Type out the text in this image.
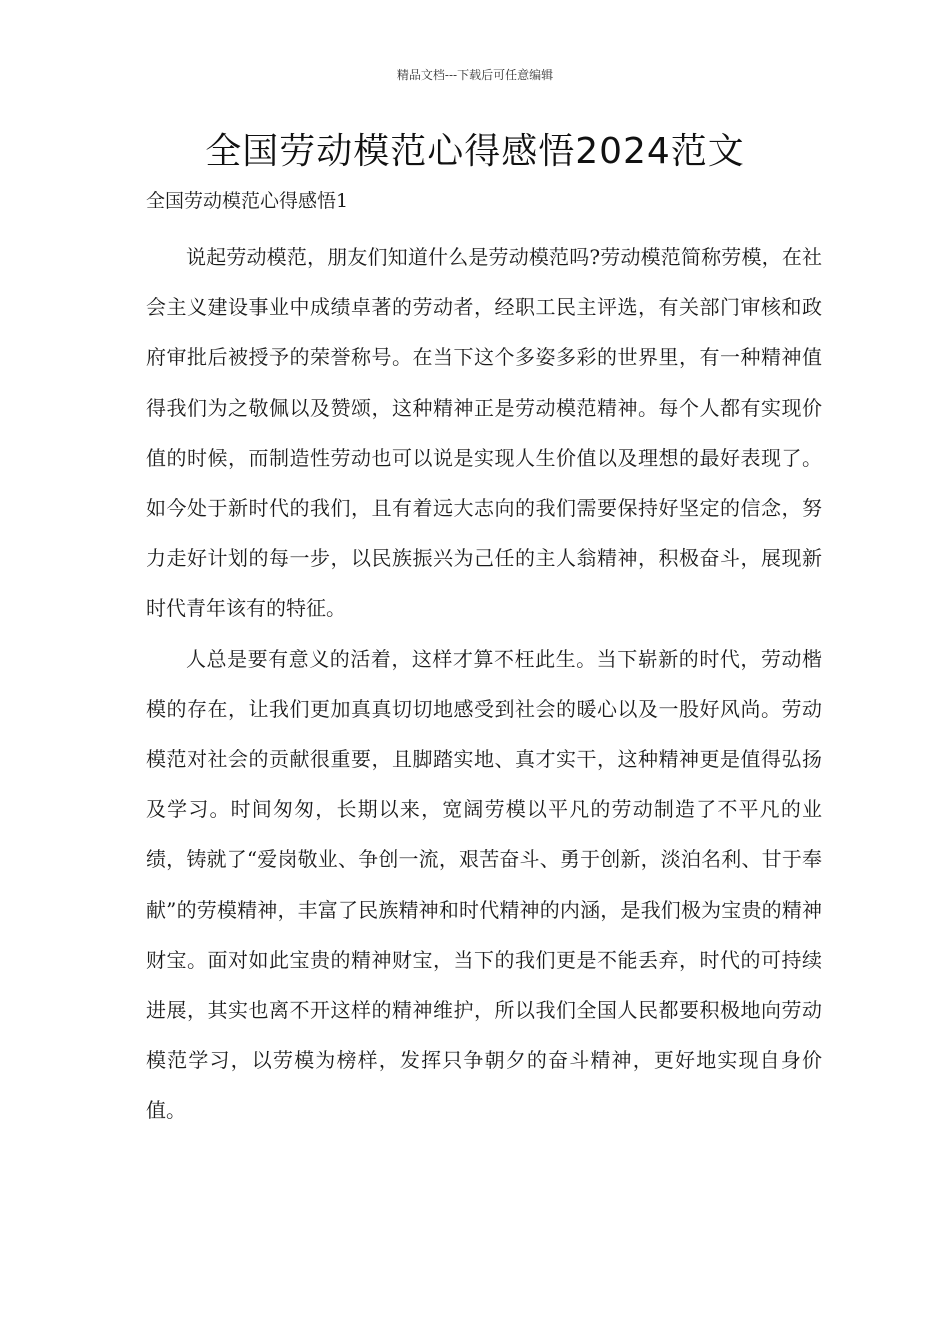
精品文档---下载后可任意编辑
全国劳动模范心得感悟2024范文

全国劳动模范心得感悟1

说起劳动模范，朋友们知道什么是劳动模范吗?劳动模范简称劳模，在社会主义建设事业中成绩卓著的劳动者，经职工民主评选，有关部门审核和政府审批后被授予的荣誉称号。在当下这个多姿多彩的世界里，有一种精神值得我们为之敬佩以及赞颂，这种精神正是劳动模范精神。每个人都有实现价值的时候，而制造性劳动也可以说是实现人生价值以及理想的最好表现了。如今处于新时代的我们，且有着远大志向的我们需要保持好坚定的信念，努力走好计划的每一步，以民族振兴为己任的主人翁精神，积极奋斗，展现新时代青年该有的特征。

人总是要有意义的活着，这样才算不枉此生。当下崭新的时代，劳动楷模的存在，让我们更加真真切切地感受到社会的暖心以及一股好风尚。劳动模范对社会的贡献很重要，且脚踏实地、真才实干，这种精神更是值得弘扬及学习。时间匆匆，长期以来，宽阔劳模以平凡的劳动制造了不平凡的业绩，铸就了“爱岗敬业、争创一流，艰苦奋斗、勇于创新，淡泊名利、甘于奉献”的劳模精神，丰富了民族精神和时代精神的内涵，是我们极为宝贵的精神财宝。面对如此宝贵的精神财宝，当下的我们更是不能丢弃，时代的可持续进展，其实也离不开这样的精神维护，所以我们全国人民都要积极地向劳动模范学习，以劳模为榜样，发挥只争朝夕的奋斗精神，更好地实现自身价值。
